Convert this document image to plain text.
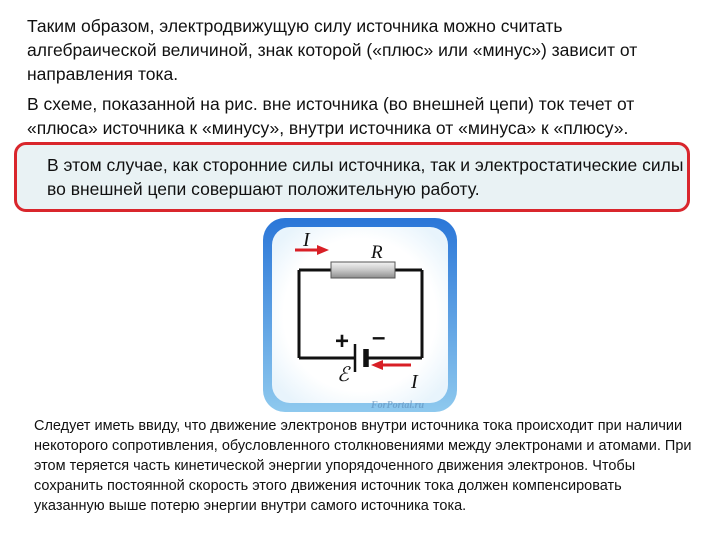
Таким образом, электродвижущую силу источника можно считать алгебраической величиной, знак которой («плюс» или «минус») зависит от направления тока.

В схеме, показанной на рис. вне источника (во внешней цепи) ток течет от «плюса» источника к «минусу», внутри источника от «минуса» к «плюсу».

В этом случае, как сторонние силы источника, так и электростатические силы во внешней цепи совершают положительную работу.

I
R
+ –
ℰ	I
ForPortal.ru

Следует иметь ввиду, что движение электронов внутри источника тока происходит при наличии некоторого сопротивления, обусловленного столкновениями между электронами и атомами. При этом теряется часть кинетической энергии упорядоченного движения электронов. Чтобы сохранить постоянной скорость этого движения источник тока должен компенсировать указанную выше потерю энергии внутри самого источника тока.
